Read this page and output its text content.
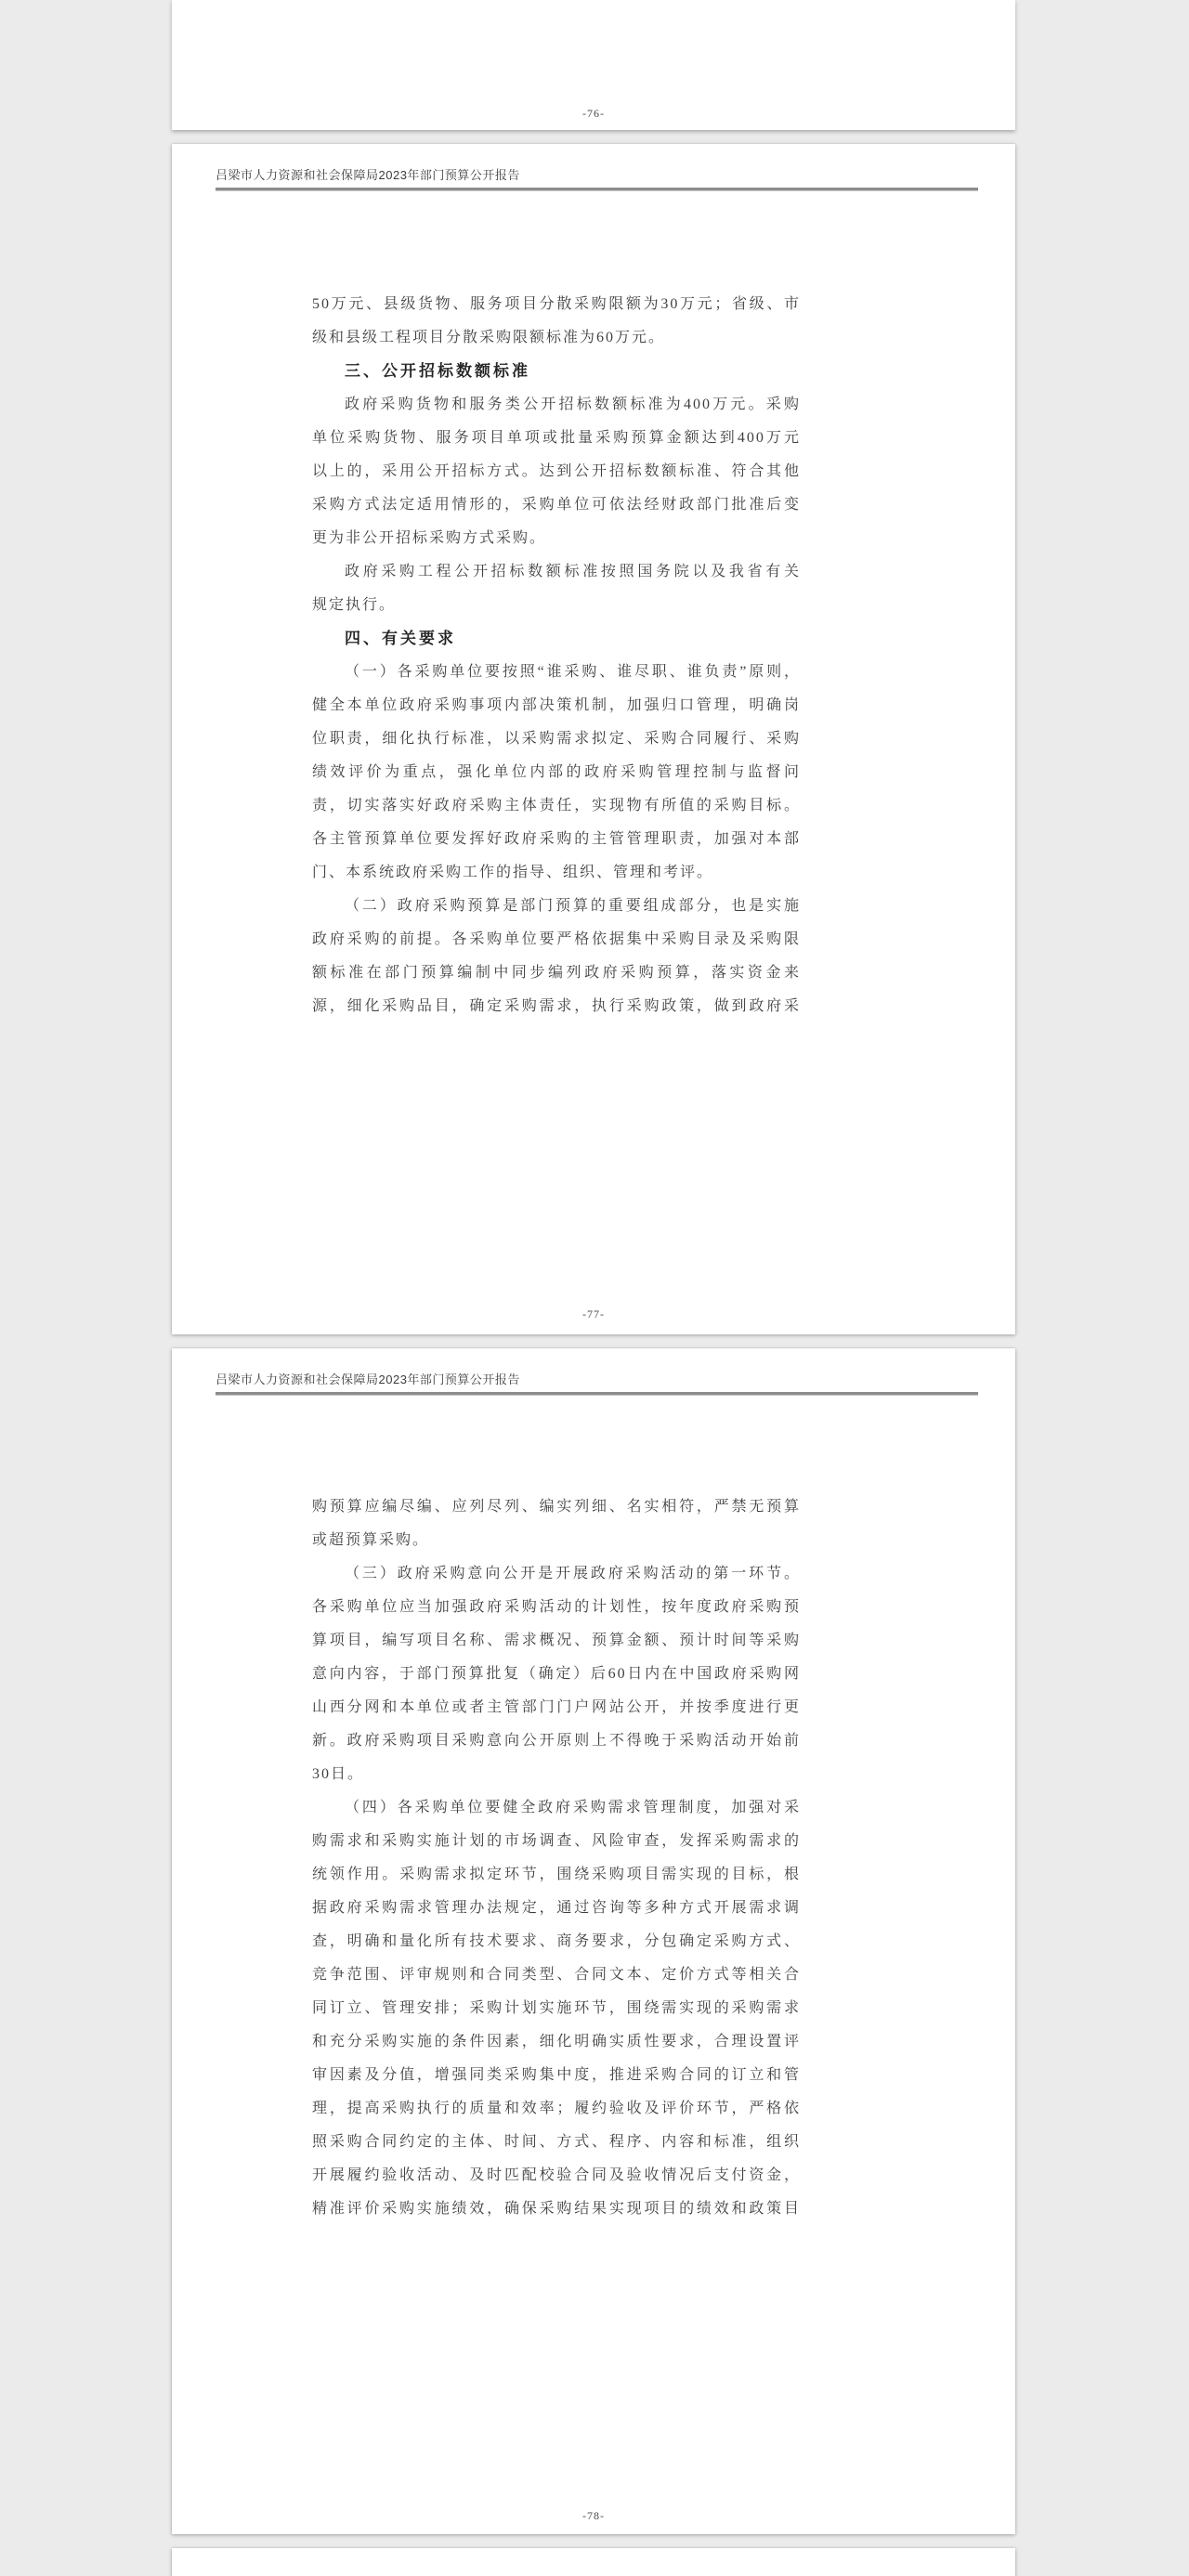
-76-
吕梁市人力资源和社会保障局2023年部门预算公开报告
50万元、县级货物、服务项目分散采购限额为30万元；省级、市
级和县级工程项目分散采购限额标准为60万元。
三、公开招标数额标准
政府采购货物和服务类公开招标数额标准为400万元。采购
单位采购货物、服务项目单项或批量采购预算金额达到400万元
以上的，采用公开招标方式。达到公开招标数额标准、符合其他
采购方式法定适用情形的，采购单位可依法经财政部门批准后变
更为非公开招标采购方式采购。
政府采购工程公开招标数额标准按照国务院以及我省有关
规定执行。
四、有关要求
（一）各采购单位要按照“谁采购、谁尽职、谁负责”原则，
健全本单位政府采购事项内部决策机制，加强归口管理，明确岗
位职责，细化执行标准，以采购需求拟定、采购合同履行、采购
绩效评价为重点，强化单位内部的政府采购管理控制与监督问
责，切实落实好政府采购主体责任，实现物有所值的采购目标。
各主管预算单位要发挥好政府采购的主管管理职责，加强对本部
门、本系统政府采购工作的指导、组织、管理和考评。
（二）政府采购预算是部门预算的重要组成部分，也是实施
政府采购的前提。各采购单位要严格依据集中采购目录及采购限
额标准在部门预算编制中同步编列政府采购预算，落实资金来
源，细化采购品目，确定采购需求，执行采购政策，做到政府采
-77-
吕梁市人力资源和社会保障局2023年部门预算公开报告
购预算应编尽编、应列尽列、编实列细、名实相符，严禁无预算
或超预算采购。
（三）政府采购意向公开是开展政府采购活动的第一环节。
各采购单位应当加强政府采购活动的计划性，按年度政府采购预
算项目，编写项目名称、需求概况、预算金额、预计时间等采购
意向内容，于部门预算批复（确定）后60日内在中国政府采购网
山西分网和本单位或者主管部门门户网站公开，并按季度进行更
新。政府采购项目采购意向公开原则上不得晚于采购活动开始前
30日。
（四）各采购单位要健全政府采购需求管理制度，加强对采
购需求和采购实施计划的市场调查、风险审查，发挥采购需求的
统领作用。采购需求拟定环节，围绕采购项目需实现的目标，根
据政府采购需求管理办法规定，通过咨询等多种方式开展需求调
查，明确和量化所有技术要求、商务要求，分包确定采购方式、
竞争范围、评审规则和合同类型、合同文本、定价方式等相关合
同订立、管理安排；采购计划实施环节，围绕需实现的采购需求
和充分采购实施的条件因素，细化明确实质性要求，合理设置评
审因素及分值，增强同类采购集中度，推进采购合同的订立和管
理，提高采购执行的质量和效率；履约验收及评价环节，严格依
照采购合同约定的主体、时间、方式、程序、内容和标准，组织
开展履约验收活动、及时匹配校验合同及验收情况后支付资金，
精准评价采购实施绩效，确保采购结果实现项目的绩效和政策目
-78-
